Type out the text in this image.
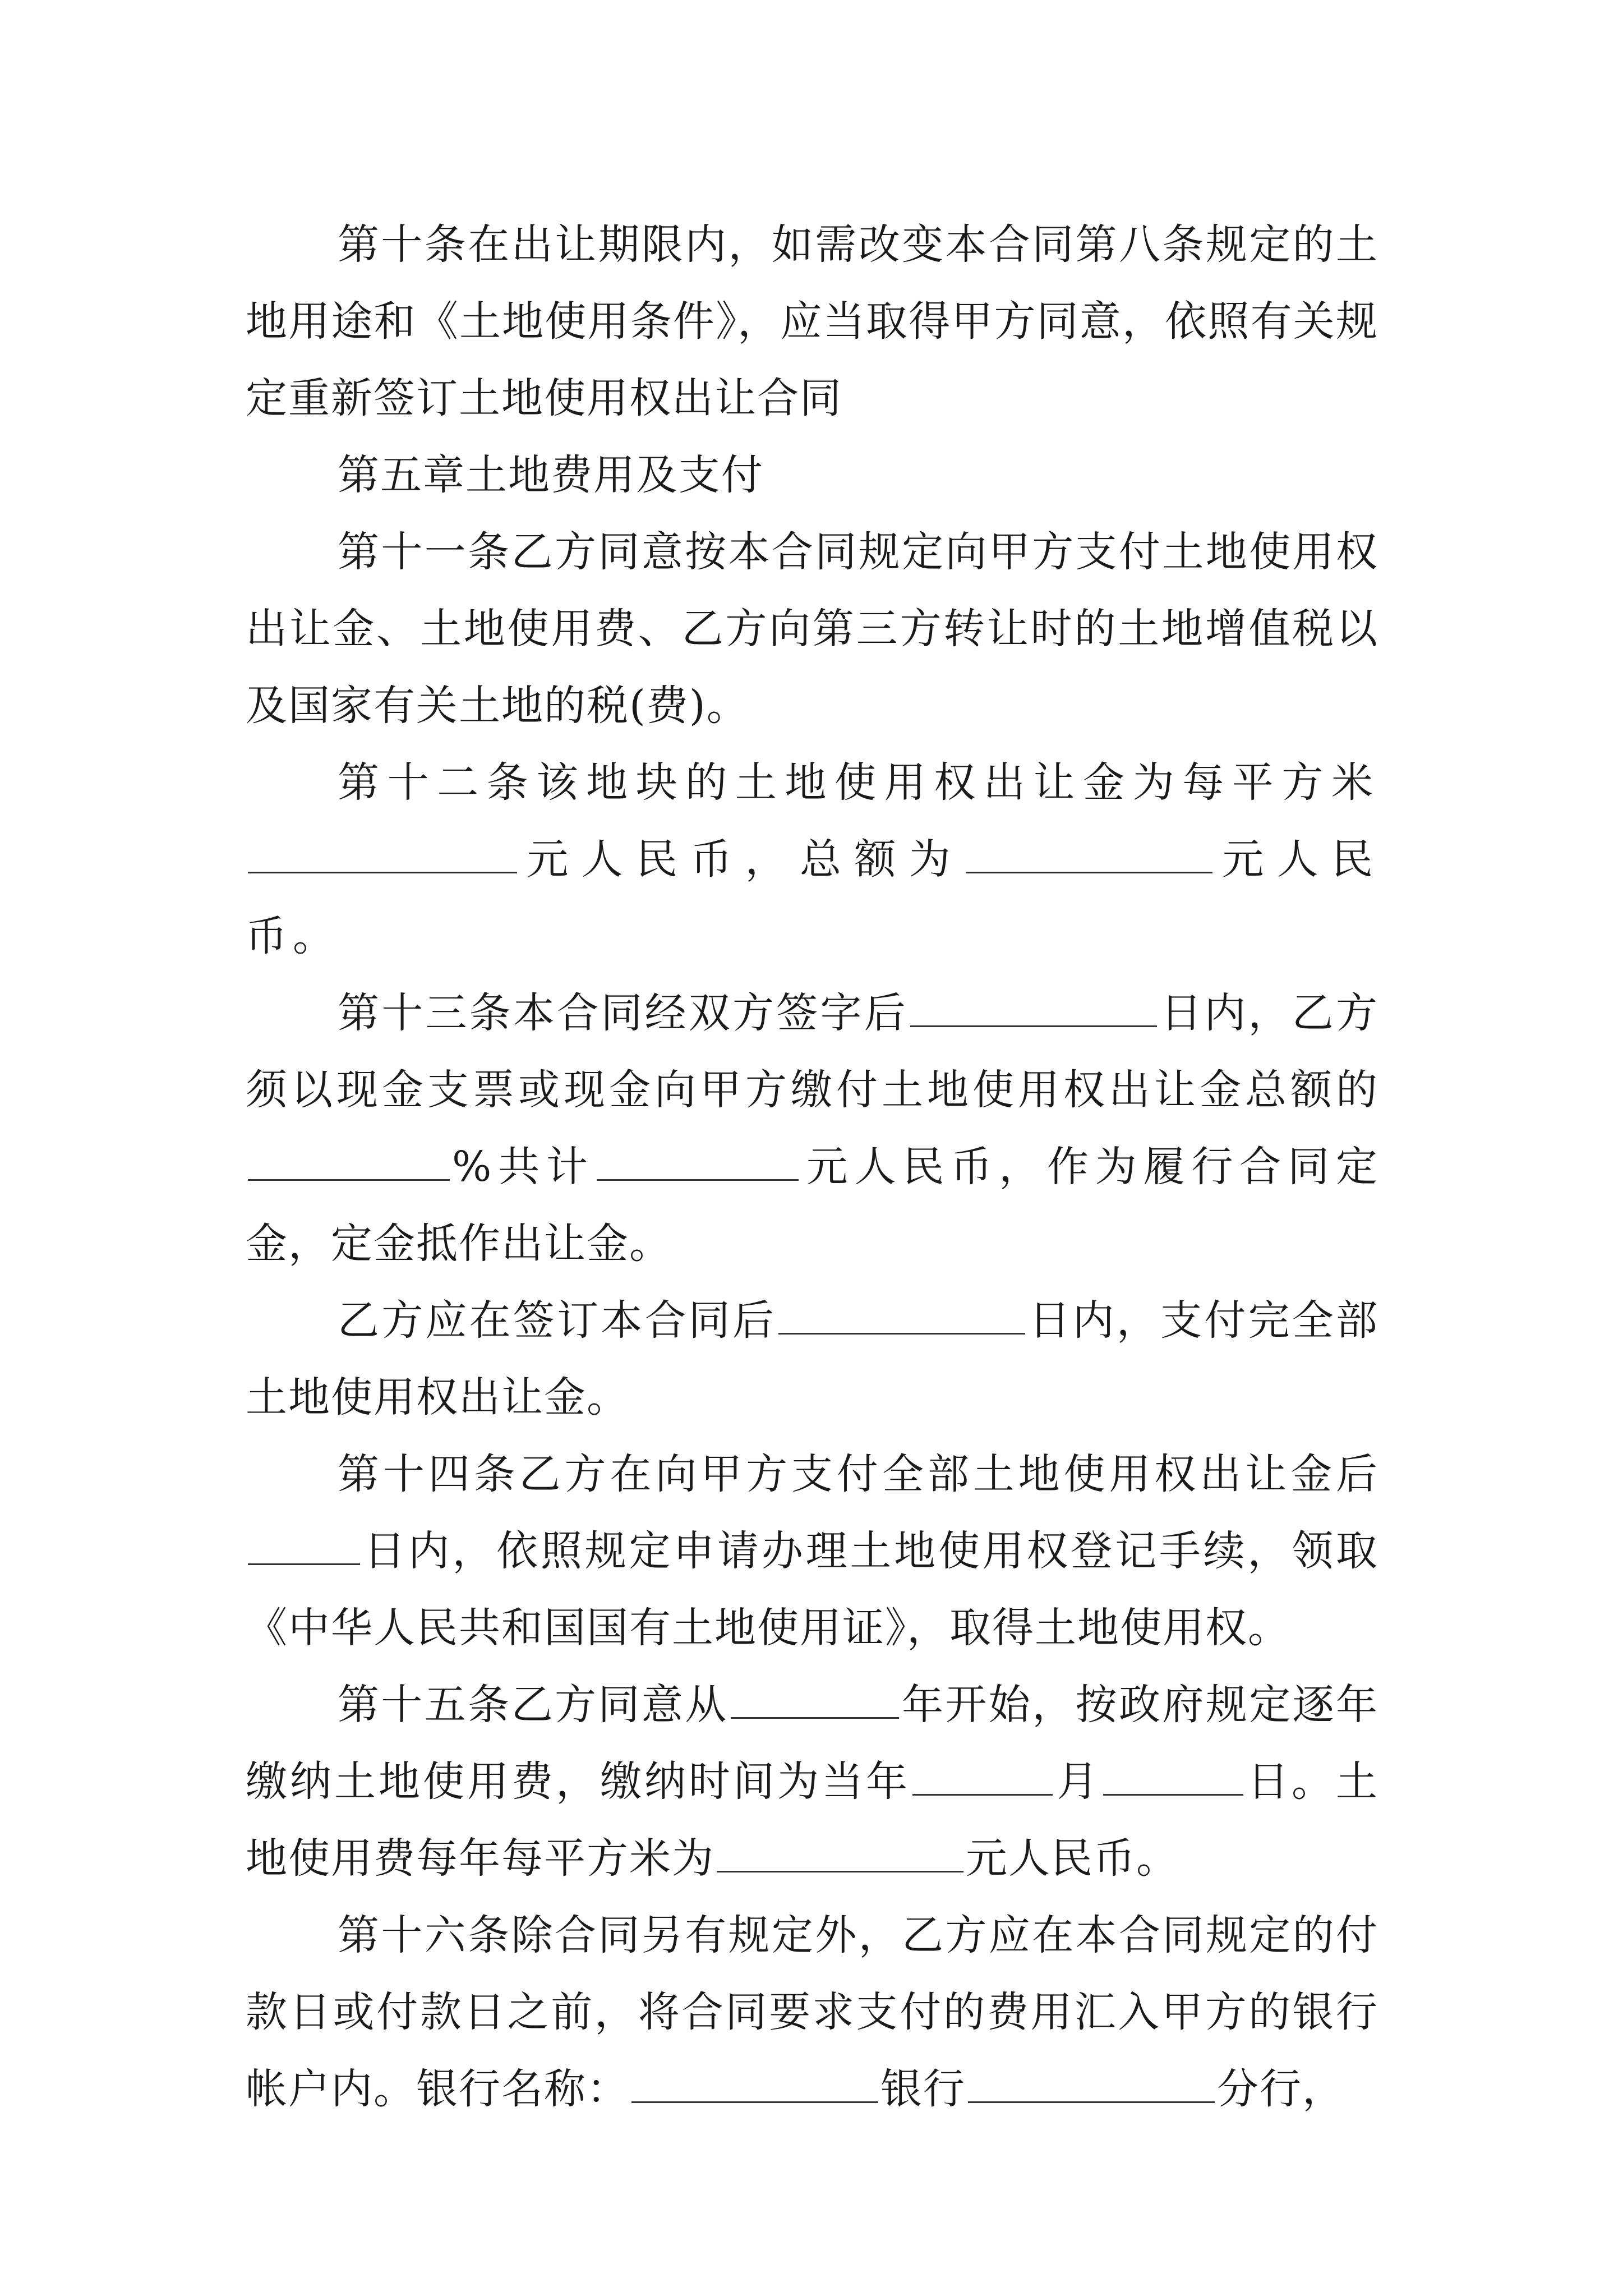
第十条在出让期限内，如需改变本合同第八条规定的土地用途和《土地使用条件》，应当取得甲方同意，依照有关规定重新签订土地使用权出让合同

第五章土地费用及支付

第十一条乙方同意按本合同规定向甲方支付土地使用权出让金、土地使用费、乙方向第三方转让时的土地增值税以及国家有关土地的税(费)。

第十二条该地块的土地使用权出让金为每平方米元人民币，总额为	元人民币。

第十三条本合同经双方签字后	日内，乙方须以现金支票或现金向甲方缴付土地使用权出让金总额的%共计	元人民币，作为履行合同定金，定金抵作出让金。

乙方应在签订本合同后	日内，支付完全部土地使用权出让金。

第十四条乙方在向甲方支付全部土地使用权出让金后日内，依照规定申请办理土地使用权登记手续，领取《中华人民共和国国有土地使用证》，取得土地使用权。

第十五条乙方同意从	年开始，按政府规定逐年缴纳土地使用费，缴纳时间为当年	月	日。土地使用费每年每平方米为	元人民币。

第十六条除合同另有规定外，乙方应在本合同规定的付款日或付款日之前，将合同要求支付的费用汇入甲方的银行帐户内。银行名称：	银行	分行，
